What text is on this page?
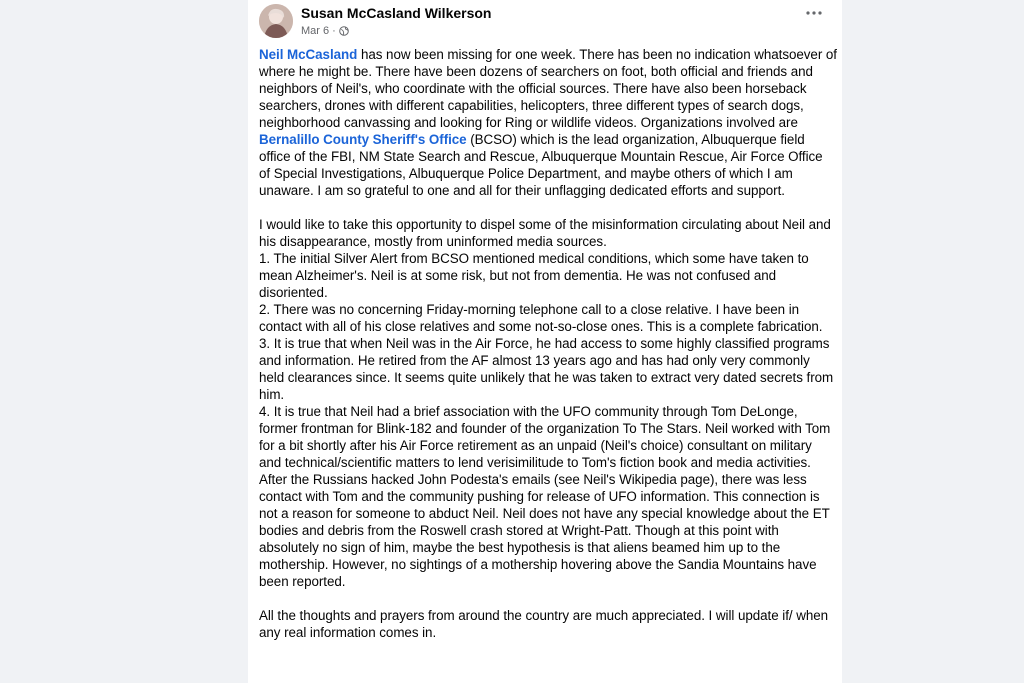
Susan McCasland Wilkerson
Mar 6 ·

Neil McCasland has now been missing for one week. There has been no indication whatsoever of where he might be. There have been dozens of searchers on foot, both official and friends and neighbors of Neil's, who coordinate with the official sources. There have also been horseback searchers, drones with different capabilities, helicopters, three different types of search dogs, neighborhood canvassing and looking for Ring or wildlife videos. Organizations involved are Bernalillo County Sheriff's Office (BCSO) which is the lead organization, Albuquerque field office of the FBI, NM State Search and Rescue, Albuquerque Mountain Rescue, Air Force Office of Special Investigations, Albuquerque Police Department, and maybe others of which I am unaware. I am so grateful to one and all for their unflagging dedicated efforts and support.

I would like to take this opportunity to dispel some of the misinformation circulating about Neil and his disappearance, mostly from uninformed media sources.

1. The initial Silver Alert from BCSO mentioned medical conditions, which some have taken to mean Alzheimer's. Neil is at some risk, but not from dementia. He was not confused and disoriented.

2. There was no concerning Friday-morning telephone call to a close relative. I have been in contact with all of his close relatives and some not-so-close ones. This is a complete fabrication.

3. It is true that when Neil was in the Air Force, he had access to some highly classified programs and information. He retired from the AF almost 13 years ago and has had only very commonly held clearances since. It seems quite unlikely that he was taken to extract very dated secrets from him.

4. It is true that Neil had a brief association with the UFO community through Tom DeLonge, former frontman for Blink-182 and founder of the organization To The Stars. Neil worked with Tom for a bit shortly after his Air Force retirement as an unpaid (Neil's choice) consultant on military and technical/scientific matters to lend verisimilitude to Tom's fiction book and media activities. After the Russians hacked John Podesta's emails (see Neil's Wikipedia page), there was less contact with Tom and the community pushing for release of UFO information. This connection is not a reason for someone to abduct Neil. Neil does not have any special knowledge about the ET bodies and debris from the Roswell crash stored at Wright-Patt. Though at this point with absolutely no sign of him, maybe the best hypothesis is that aliens beamed him up to the mothership. However, no sightings of a mothership hovering above the Sandia Mountains have been reported.

All the thoughts and prayers from around the country are much appreciated. I will update if/ when any real information comes in.
